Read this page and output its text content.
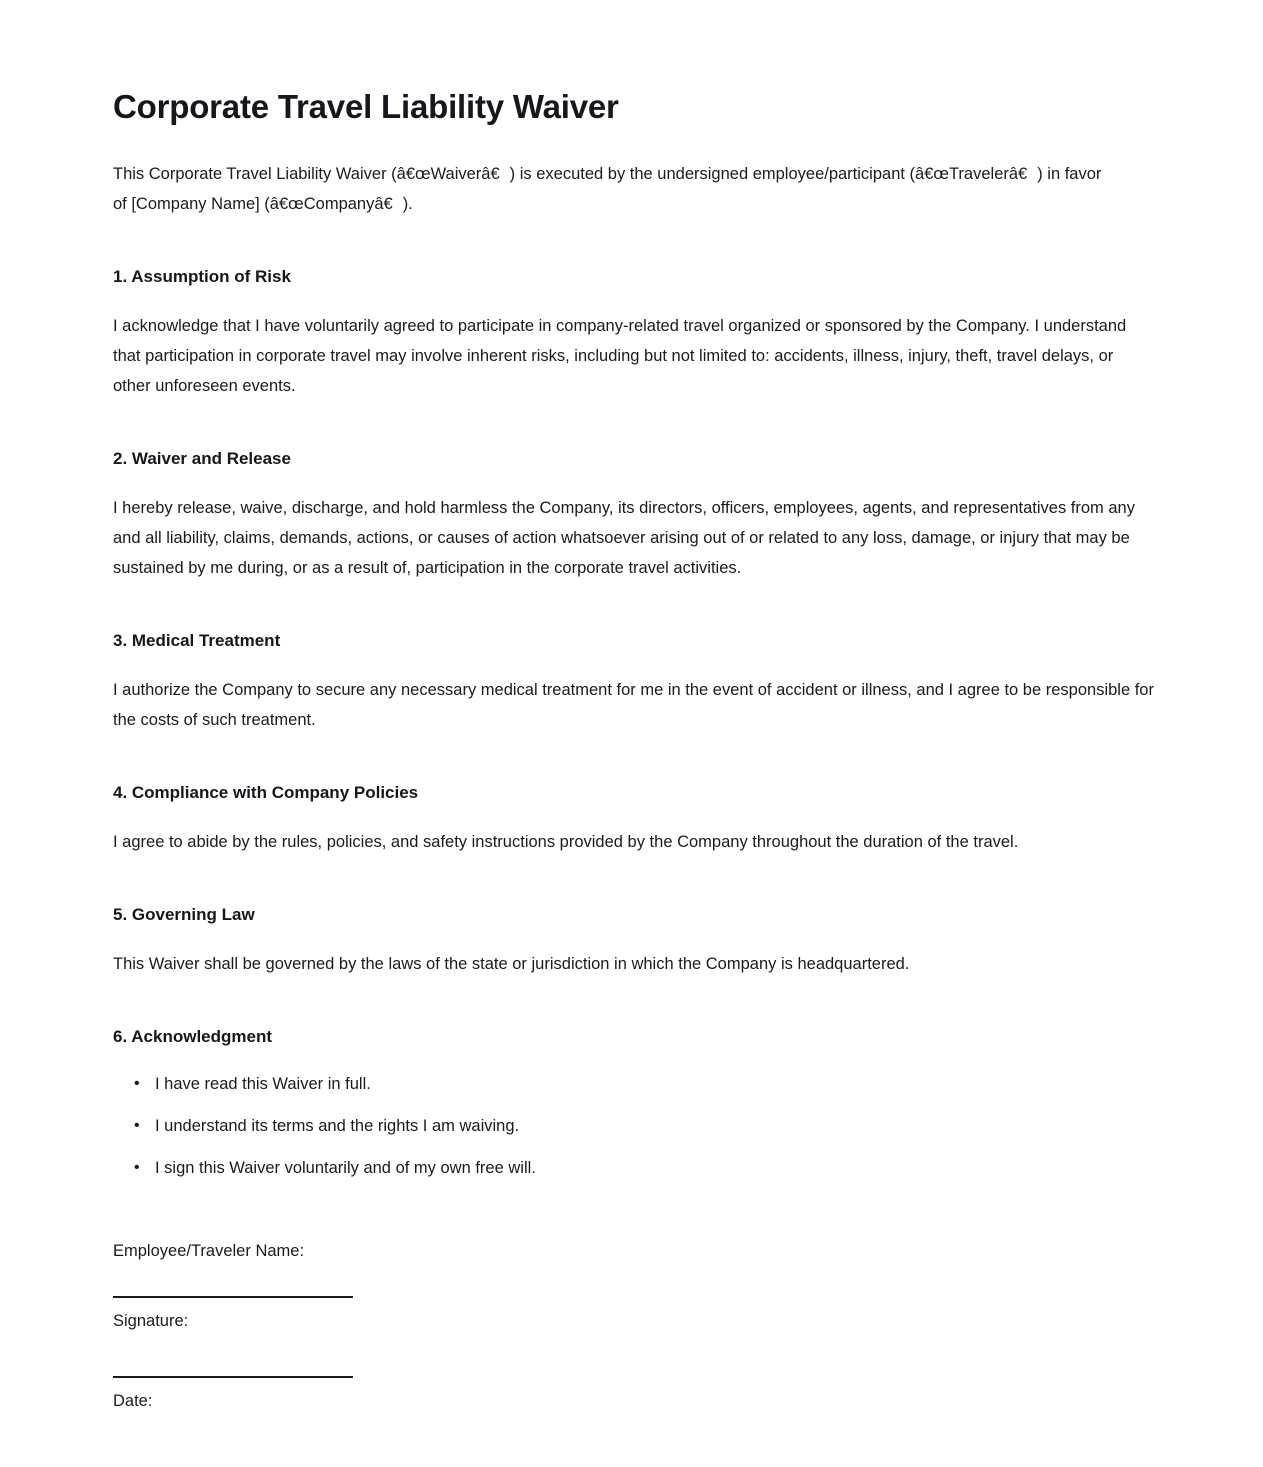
Corporate Travel Liability Waiver

This Corporate Travel Liability Waiver (â€œWaiverâ€) is executed by the undersigned employee/participant (â€œTravelerâ€) in favor of [Company Name] (â€œCompanyâ€).

1. Assumption of Risk

I acknowledge that I have voluntarily agreed to participate in company-related travel organized or sponsored by the Company. I understand that participation in corporate travel may involve inherent risks, including but not limited to: accidents, illness, injury, theft, travel delays, or other unforeseen events.

2. Waiver and Release

I hereby release, waive, discharge, and hold harmless the Company, its directors, officers, employees, agents, and representatives from any and all liability, claims, demands, actions, or causes of action whatsoever arising out of or related to any loss, damage, or injury that may be sustained by me during, or as a result of, participation in the corporate travel activities.

3. Medical Treatment

I authorize the Company to secure any necessary medical treatment for me in the event of accident or illness, and I agree to be responsible for the costs of such treatment.

4. Compliance with Company Policies

I agree to abide by the rules, policies, and safety instructions provided by the Company throughout the duration of the travel.

5. Governing Law

This Waiver shall be governed by the laws of the state or jurisdiction in which the Company is headquartered.

6. Acknowledgment
• I have read this Waiver in full.
• I understand its terms and the rights I am waiving.
• I sign this Waiver voluntarily and of my own free will.

Employee/Traveler Name:

Signature:

Date:
